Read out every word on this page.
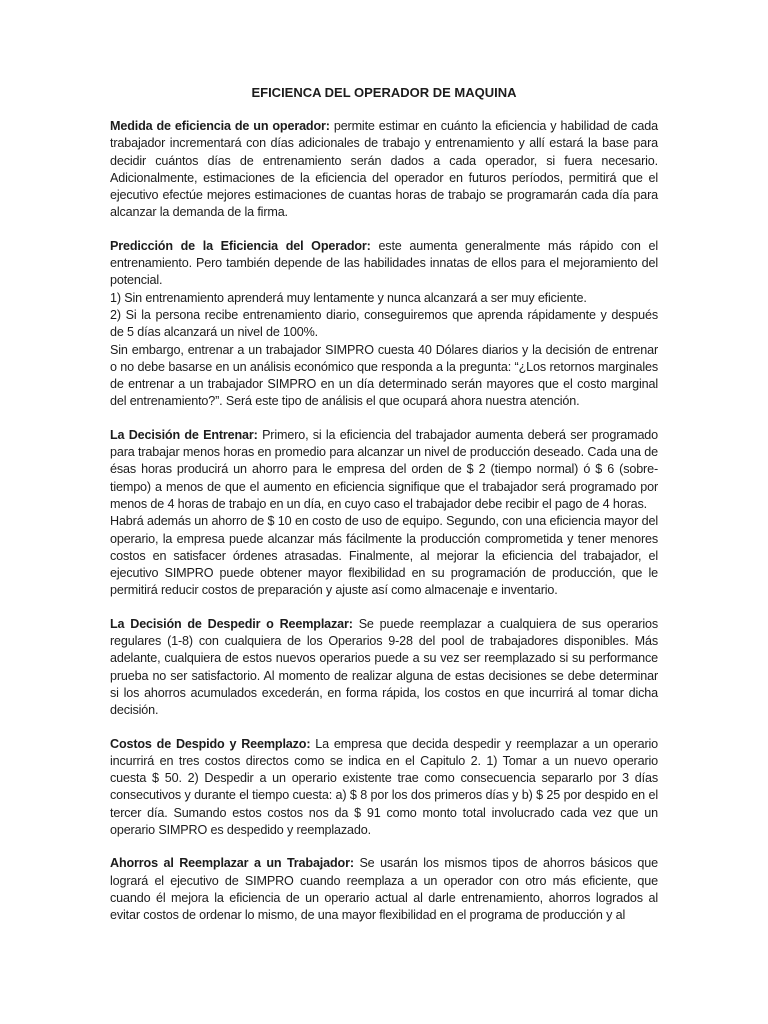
EFICIENCA DEL OPERADOR DE MAQUINA

Medida de eficiencia de un operador: permite estimar en cuánto la eficiencia y habilidad de cada trabajador incrementará con días adicionales de trabajo y entrenamiento y allí estará la base para decidir cuántos días de entrenamiento serán dados a cada operador, si fuera necesario. Adicionalmente, estimaciones de la eficiencia del operador en futuros períodos, permitirá que el ejecutivo efectúe mejores estimaciones de cuantas horas de trabajo se programarán cada día para alcanzar la demanda de la firma.

Predicción de la Eficiencia del Operador: este aumenta generalmente más rápido con el entrenamiento. Pero también depende de las habilidades innatas de ellos para el mejoramiento del potencial.

1) Sin entrenamiento aprenderá muy lentamente y nunca alcanzará a ser muy eficiente.

2) Si la persona recibe entrenamiento diario, conseguiremos que aprenda rápidamente y después de 5 días alcanzará un nivel de 100%.

Sin embargo, entrenar a un trabajador SIMPRO cuesta 40 Dólares diarios y la decisión de entrenar o no debe basarse en un análisis económico que responda a la pregunta: “¿Los retornos marginales de entrenar a un trabajador SIMPRO en un día determinado serán mayores que el costo marginal del entrenamiento?”. Será este tipo de análisis el que ocupará ahora nuestra atención.

La Decisión de Entrenar: Primero, si la eficiencia del trabajador aumenta deberá ser programado para trabajar menos horas en promedio para alcanzar un nivel de producción deseado. Cada una de ésas horas producirá un ahorro para le empresa del orden de $ 2 (tiempo normal) ó $ 6 (sobre-tiempo) a menos de que el aumento en eficiencia signifique que el trabajador será programado por menos de 4 horas de trabajo en un día, en cuyo caso el trabajador debe recibir el pago de 4 horas.

Habrá además un ahorro de $ 10 en costo de uso de equipo. Segundo, con una eficiencia mayor del operario, la empresa puede alcanzar más fácilmente la producción comprometida y tener menores costos en satisfacer órdenes atrasadas. Finalmente, al mejorar la eficiencia del trabajador, el ejecutivo SIMPRO puede obtener mayor flexibilidad en su programación de producción, que le permitirá reducir costos de preparación y ajuste así como almacenaje e inventario.

La Decisión de Despedir o Reemplazar: Se puede reemplazar a cualquiera de sus operarios regulares (1-8) con cualquiera de los Operarios 9-28 del pool de trabajadores disponibles. Más adelante, cualquiera de estos nuevos operarios puede a su vez ser reemplazado si su performance prueba no ser satisfactorio. Al momento de realizar alguna de estas decisiones se debe determinar si los ahorros acumulados excederán, en forma rápida, los costos en que incurrirá al tomar dicha decisión.

Costos de Despido y Reemplazo: La empresa que decida despedir y reemplazar a un operario incurrirá en tres costos directos como se indica en el Capitulo 2. 1) Tomar a un nuevo operario cuesta $ 50. 2) Despedir a un operario existente trae como consecuencia separarlo por 3 días consecutivos y durante el tiempo cuesta: a) $ 8 por los dos primeros días y b) $ 25 por despido en el tercer día. Sumando estos costos nos da $ 91 como monto total involucrado cada vez que un operario SIMPRO es despedido y reemplazado.

Ahorros al Reemplazar a un Trabajador: Se usarán los mismos tipos de ahorros básicos que logrará el ejecutivo de SIMPRO cuando reemplaza a un operador con otro más eficiente, que cuando él mejora la eficiencia de un operario actual al darle entrenamiento, ahorros logrados al evitar costos de ordenar lo mismo, de una mayor flexibilidad en el programa de producción y al
